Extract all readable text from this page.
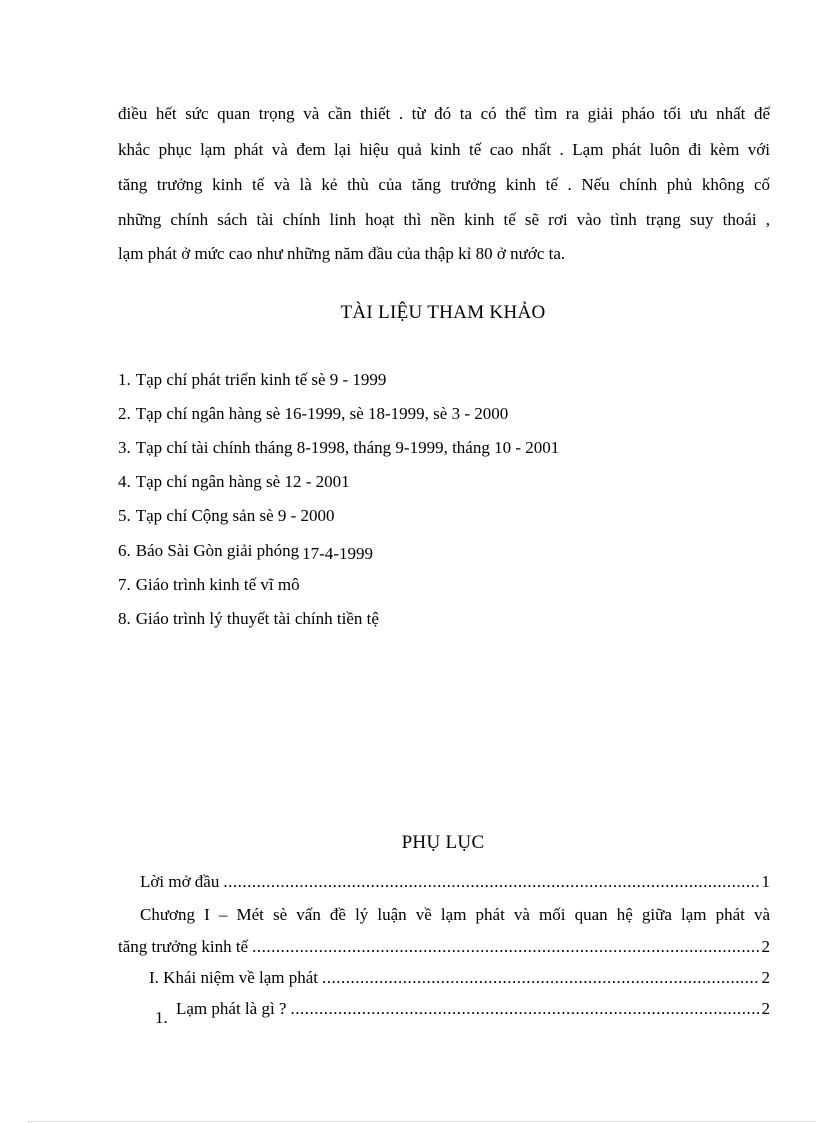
điều hết sức quan trọng và cần thiết . từ đó ta có thể tìm ra giải pháo tối ưu nhất để
khắc phục lạm phát và đem lại hiệu quả kinh tế cao nhất . Lạm phát luôn đi kèm với
tăng trưởng kinh tế và là kẻ thù của tăng trưởng kinh tế . Nếu chính phủ không cố
những chính sách tài chính linh hoạt thì nền kinh tế sẽ rơi vào tình trạng suy thoái ,
lạm phát ở mức cao như những năm đầu của thập kỉ 80 ở nước ta.
TÀI LIỆU THAM KHẢO
1. Tạp chí phát triển kinh tế sè 9 - 1999
2. Tạp chí ngân hàng sè 16-1999, sè 18-1999, sè 3 - 2000
3. Tạp chí tài chính tháng 8-1998, tháng 9-1999, tháng 10 - 2001
4. Tạp chí ngân hàng sè 12 - 2001
5. Tạp chí Cộng sản sè 9 - 2000
6. Báo Sài Gòn giải phóng 17-4-1999
7. Giáo trình kinh tế vĩ mô
8. Giáo trình lý thuyết tài chính tiền tệ
PHỤ LỤC
Lời mở đầu .....	1
Chương I – Mét sè vấn đề lý luận về lạm phát và mối quan hệ giữa lạm phát và
tăng trưởng kinh tế .....	2
I. Khái niệm về lạm phát .....	2
1. Lạm phát là gì ? .....	2
